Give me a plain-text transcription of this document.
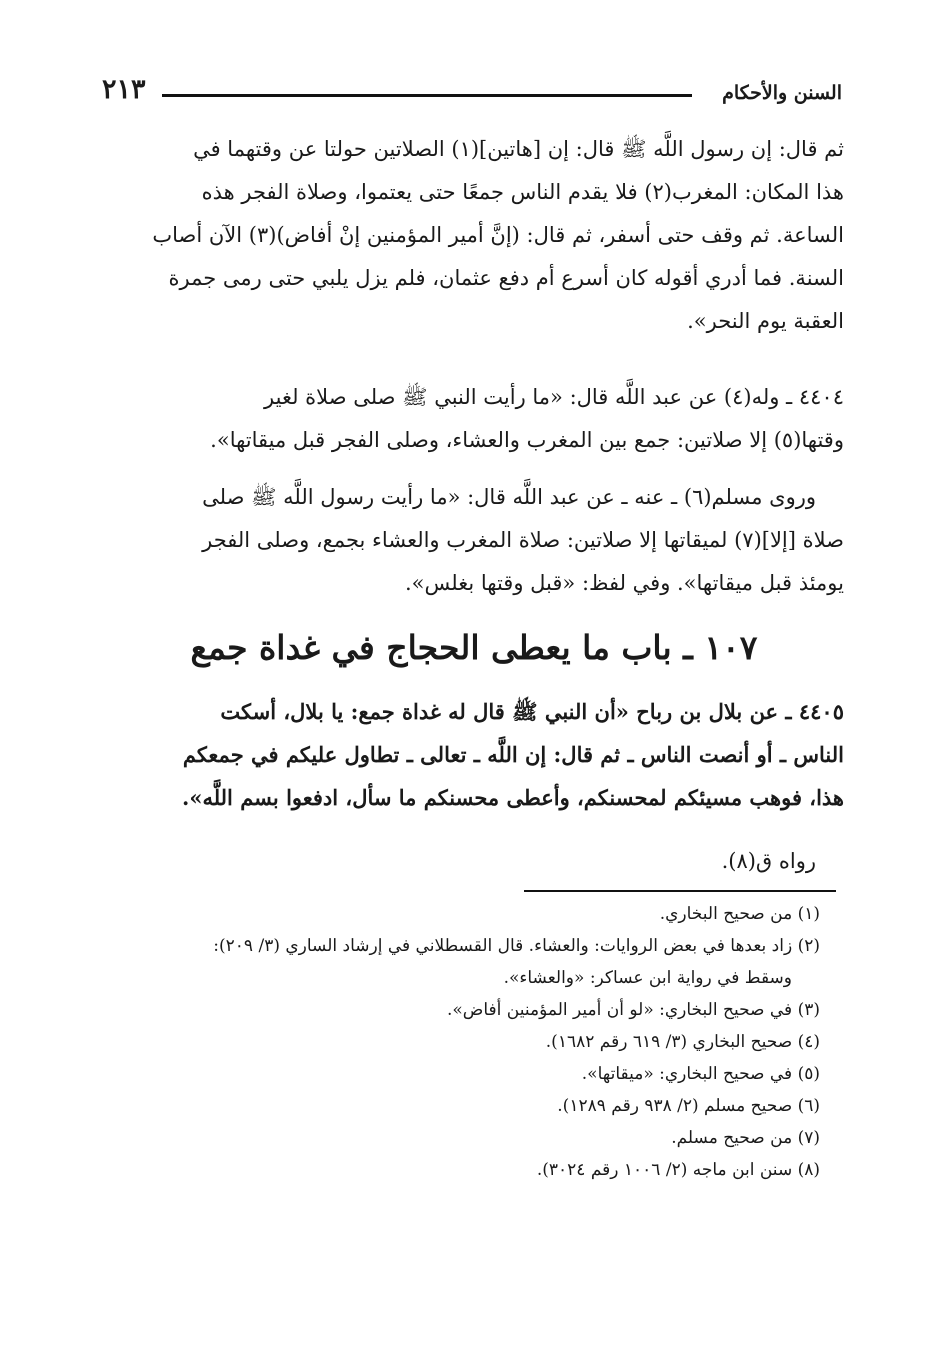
السنن والأحكام
٢١٣
ثم قال: إن رسول اللَّه ﷺ قال: إن [هاتين](١) الصلاتين حولتا عن وقتهما في
هذا المكان: المغرب(٢) فلا يقدم الناس جمعًا حتى يعتموا، وصلاة الفجر هذه
الساعة. ثم وقف حتى أسفر، ثم قال: (إنَّ أمير المؤمنين إنْ أفاض)(٣) الآن أصاب
السنة. فما أدري أقوله كان أسرع أم دفع عثمان، فلم يزل يلبي حتى رمى جمرة
العقبة يوم النحر».
٤٤٠٤ ـ وله(٤) عن عبد اللَّه قال: «ما رأيت النبي ﷺ صلى صلاة لغير
وقتها(٥) إلا صلاتين: جمع بين المغرب والعشاء، وصلى الفجر قبل ميقاتها».
وروى مسلم(٦) ـ عنه ـ عن عبد اللَّه قال: «ما رأيت رسول اللَّه ﷺ صلى
صلاة [إلا](٧) لميقاتها إلا صلاتين: صلاة المغرب والعشاء بجمع، وصلى الفجر
يومئذ قبل ميقاتها». وفي لفظ: «قبل وقتها بغلس».
١٠٧ ـ باب ما يعطى الحجاج في غداة جمع
٤٤٠٥ ـ عن بلال بن رباح «أن النبي ﷺ قال له غداة جمع: يا بلال، أسكت
الناس ـ أو أنصت الناس ـ ثم قال: إن اللَّه ـ تعالى ـ تطاول عليكم في جمعكم
هذا، فوهب مسيئكم لمحسنكم، وأعطى محسنكم ما سأل، ادفعوا بسم اللَّه».
رواه ق(٨).
(١) من صحيح البخاري.
(٢) زاد بعدها في بعض الروايات: والعشاء. قال القسطلاني في إرشاد الساري (٣/ ٢٠٩):
وسقط في رواية ابن عساكر: «والعشاء».
(٣) في صحيح البخاري: «لو أن أمير المؤمنين أفاض».
(٤) صحيح البخاري (٣/ ٦١٩ رقم ١٦٨٢).
(٥) في صحيح البخاري: «ميقاتها».
(٦) صحيح مسلم (٢/ ٩٣٨ رقم ١٢٨٩).
(٧) من صحيح مسلم.
(٨) سنن ابن ماجه (٢/ ١٠٠٦ رقم ٣٠٢٤).
